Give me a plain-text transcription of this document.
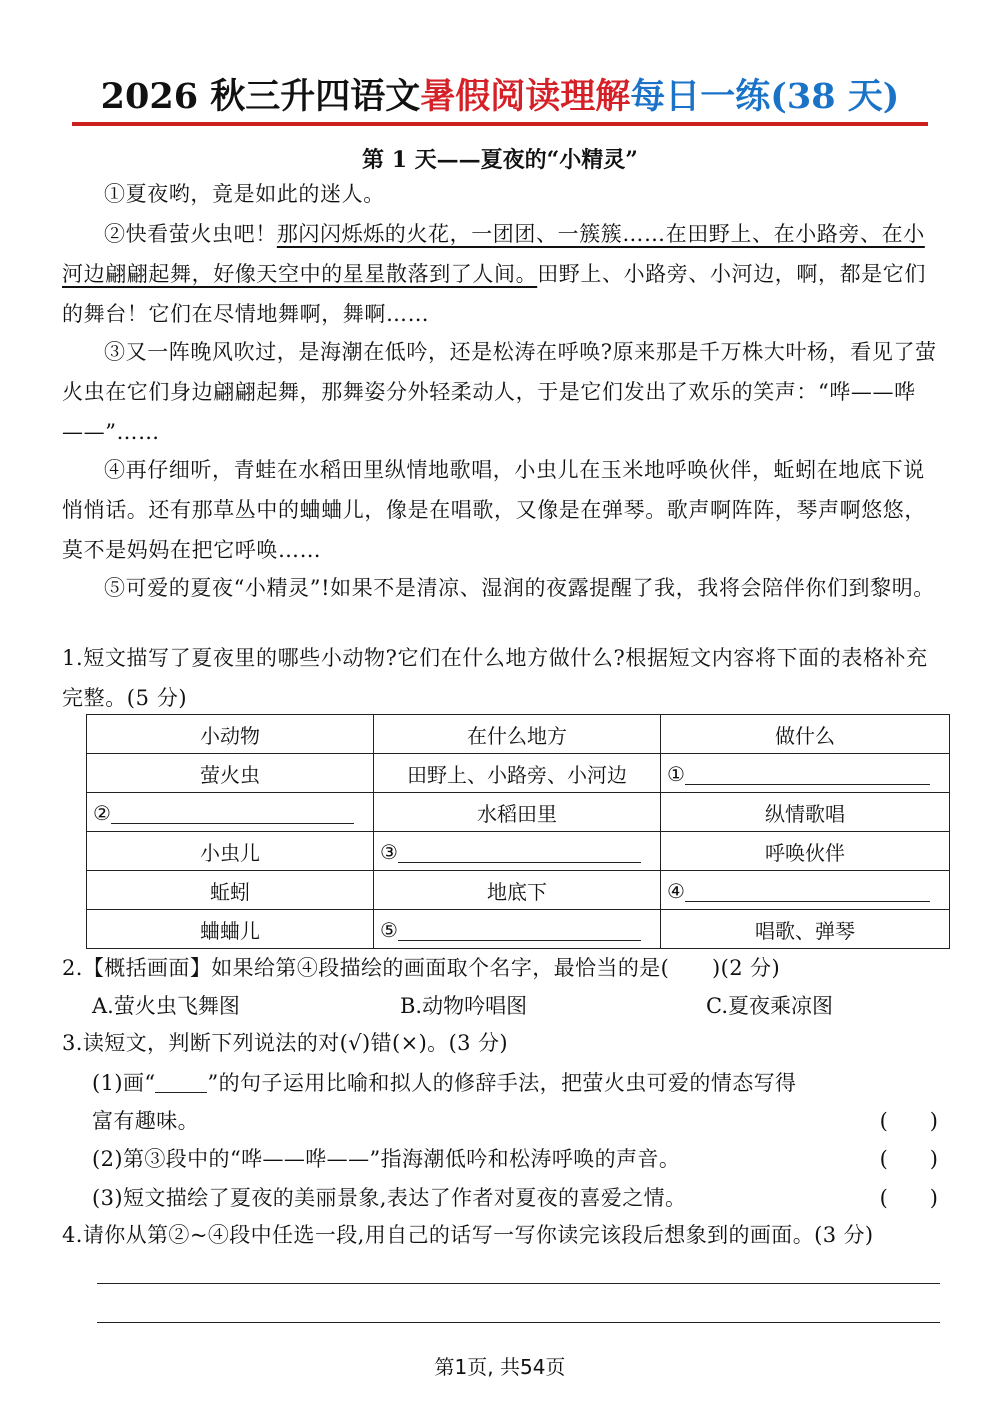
2026 秋三升四语文暑假阅读理解每日一练(38 天)
第 1 天——夏夜的“小精灵”
①夏夜哟，竟是如此的迷人。
②快看萤火虫吧！那闪闪烁烁的火花，一团团、一簇簇……在田野上、在小路旁、在小河边翩翩起舞，好像天空中的星星散落到了人间。田野上、小路旁、小河边，啊，都是它们的舞台！它们在尽情地舞啊，舞啊……
③又一阵晚风吹过，是海潮在低吟，还是松涛在呼唤?原来那是千万株大叶杨，看见了萤火虫在它们身边翩翩起舞，那舞姿分外轻柔动人，于是它们发出了欢乐的笑声：“哗——哗——”……
④再仔细听，青蛙在水稻田里纵情地歌唱，小虫儿在玉米地呼唤伙伴，蚯蚓在地底下说悄悄话。还有那草丛中的蛐蛐儿，像是在唱歌，又像是在弹琴。歌声啊阵阵，琴声啊悠悠，莫不是妈妈在把它呼唤……
⑤可爱的夏夜“小精灵”!如果不是清凉、湿润的夜露提醒了我，我将会陪伴你们到黎明。
1.短文描写了夏夜里的哪些小动物?它们在什么地方做什么?根据短文内容将下面的表格补充完整。(5 分)
小动物	在什么地方	做什么
萤火虫	田野上、小路旁、小河边	①
②	水稻田里	纵情歌唱
小虫儿	③	呼唤伙伴
蚯蚓	地底下	④
蛐蛐儿	⑤	唱歌、弹琴
2.【概括画面】如果给第④段描绘的画面取个名字，最恰当的是(　　)(2 分)
A.萤火虫飞舞图	B.动物吟唱图	C.夏夜乘凉图
3.读短文，判断下列说法的对(√)错(×)。(3 分)
(1)画“ ”的句子运用比喻和拟人的修辞手法，把萤火虫可爱的情态写得
富有趣味。	(　　)
(2)第③段中的“哗——哗——”指海潮低吟和松涛呼唤的声音。	(　　)
(3)短文描绘了夏夜的美丽景象,表达了作者对夏夜的喜爱之情。	(　　)
4.请你从第②~④段中任选一段,用自己的话写一写你读完该段后想象到的画面。(3 分)
第1页, 共54页
